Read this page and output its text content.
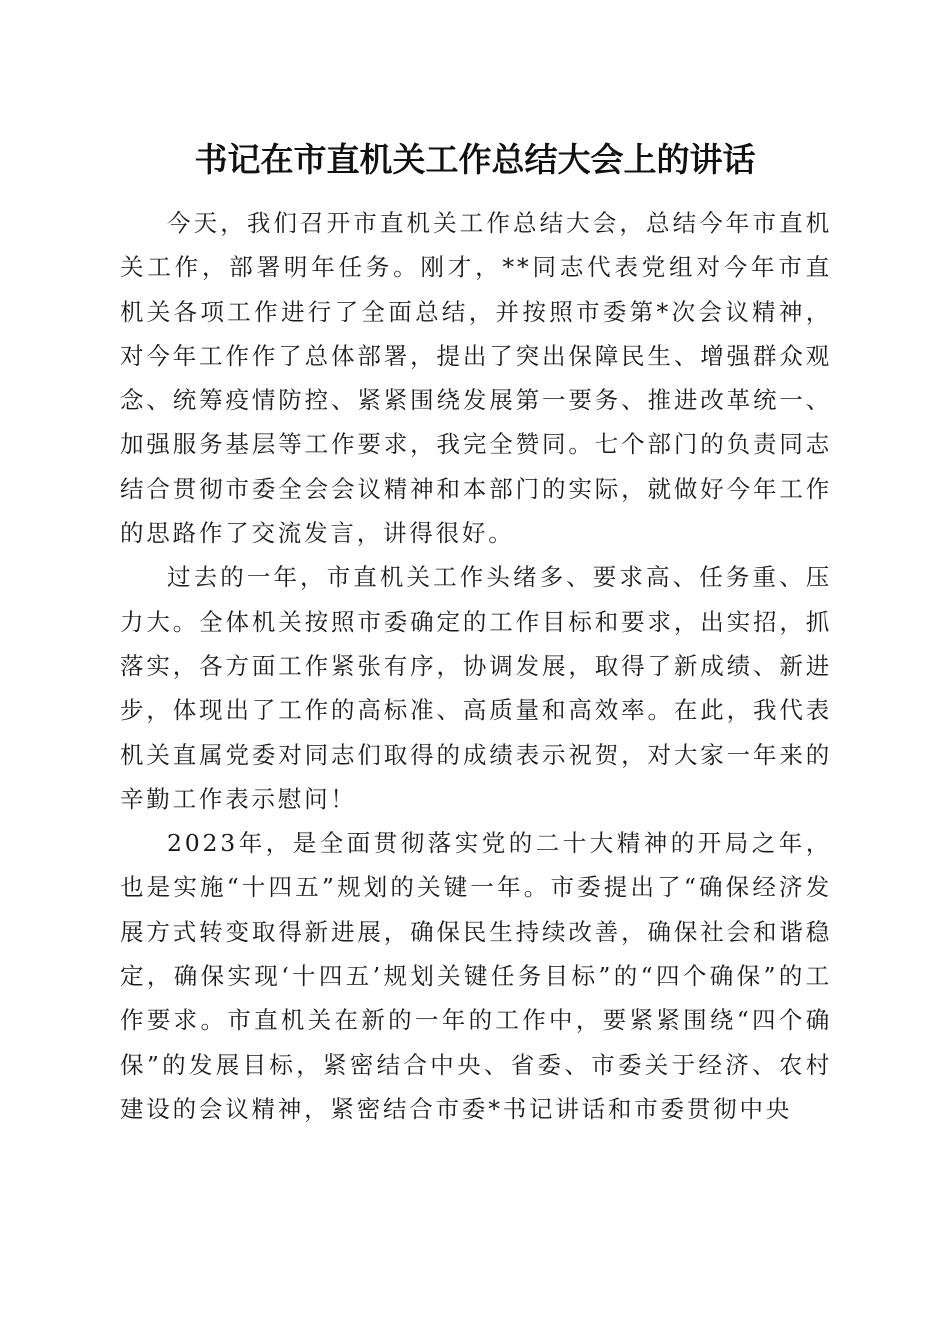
书记在市直机关工作总结大会上的讲话

今天，我们召开市直机关工作总结大会，总结今年市直机关工作，部署明年任务。刚才，**同志代表党组对今年市直机关各项工作进行了全面总结，并按照市委第*次会议精神，对今年工作作了总体部署，提出了突出保障民生、增强群众观念、统筹疫情防控、紧紧围绕发展第一要务、推进改革统一、加强服务基层等工作要求，我完全赞同。七个部门的负责同志结合贯彻市委全会会议精神和本部门的实际，就做好今年工作的思路作了交流发言，讲得很好。

过去的一年，市直机关工作头绪多、要求高、任务重、压力大。全体机关按照市委确定的工作目标和要求，出实招，抓落实，各方面工作紧张有序，协调发展，取得了新成绩、新进步，体现出了工作的高标准、高质量和高效率。在此，我代表机关直属党委对同志们取得的成绩表示祝贺，对大家一年来的辛勤工作表示慰问！

2023年，是全面贯彻落实党的二十大精神的开局之年，也是实施“十四五”规划的关键一年。市委提出了“确保经济发展方式转变取得新进展，确保民生持续改善，确保社会和谐稳定，确保实现‘十四五’规划关键任务目标”的“四个确保”的工作要求。市直机关在新的一年的工作中，要紧紧围绕“四个确保”的发展目标，紧密结合中央、省委、市委关于经济、农村建设的会议精神，紧密结合市委*书记讲话和市委贯彻中央
